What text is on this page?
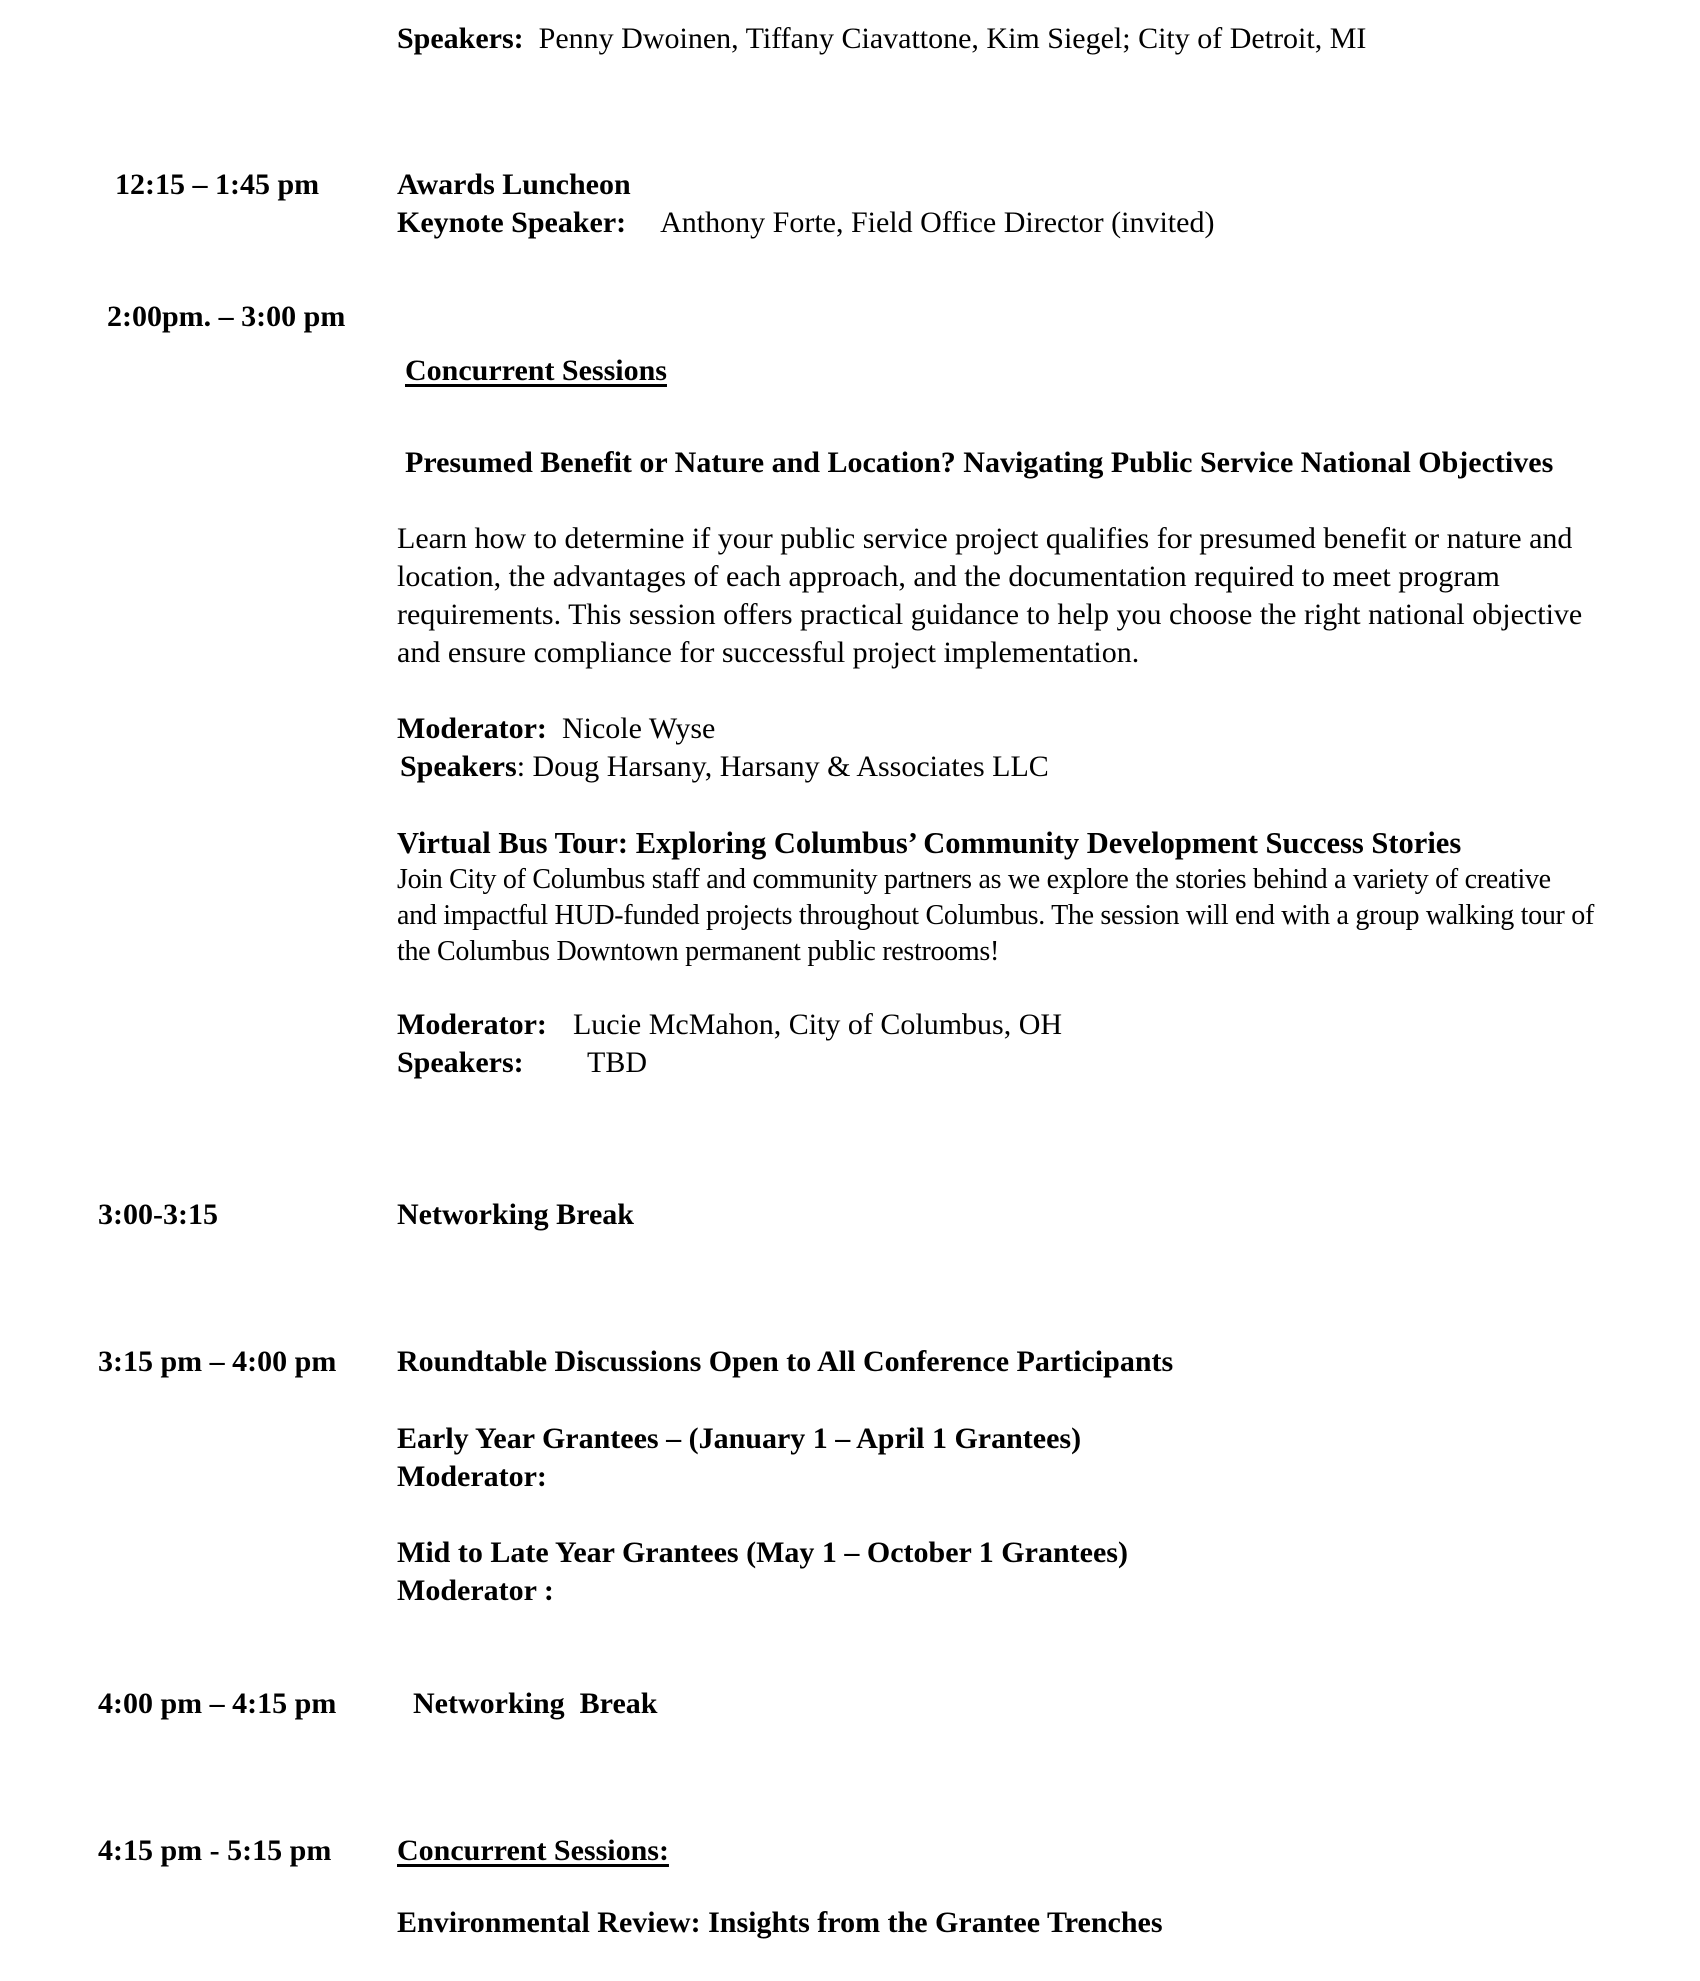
Speakers: Penny Dwoinen, Tiffany Ciavattone, Kim Siegel; City of Detroit, MI
12:15 – 1:45 pm	Awards Luncheon
Keynote Speaker: Anthony Forte, Field Office Director (invited)
2:00pm. – 3:00 pm
Concurrent Sessions
Presumed Benefit or Nature and Location? Navigating Public Service National Objectives
Learn how to determine if your public service project qualifies for presumed benefit or nature and location, the advantages of each approach, and the documentation required to meet program requirements. This session offers practical guidance to help you choose the right national objective and ensure compliance for successful project implementation.
Moderator: Nicole Wyse
Speakers: Doug Harsany, Harsany & Associates LLC
Virtual Bus Tour: Exploring Columbus’ Community Development Success Stories
Join City of Columbus staff and community partners as we explore the stories behind a variety of creative and impactful HUD-funded projects throughout Columbus. The session will end with a group walking tour of the Columbus Downtown permanent public restrooms!
Moderator: Lucie McMahon, City of Columbus, OH
Speakers: TBD
3:00-3:15	Networking Break
3:15 pm – 4:00 pm Roundtable Discussions Open to All Conference Participants
Early Year Grantees – (January 1 – April 1 Grantees)
Moderator:
Mid to Late Year Grantees (May 1 – October 1 Grantees)
Moderator :
4:00 pm – 4:15 pm	Networking  Break
4:15 pm - 5:15 pm Concurrent Sessions:
Environmental Review: Insights from the Grantee Trenches
